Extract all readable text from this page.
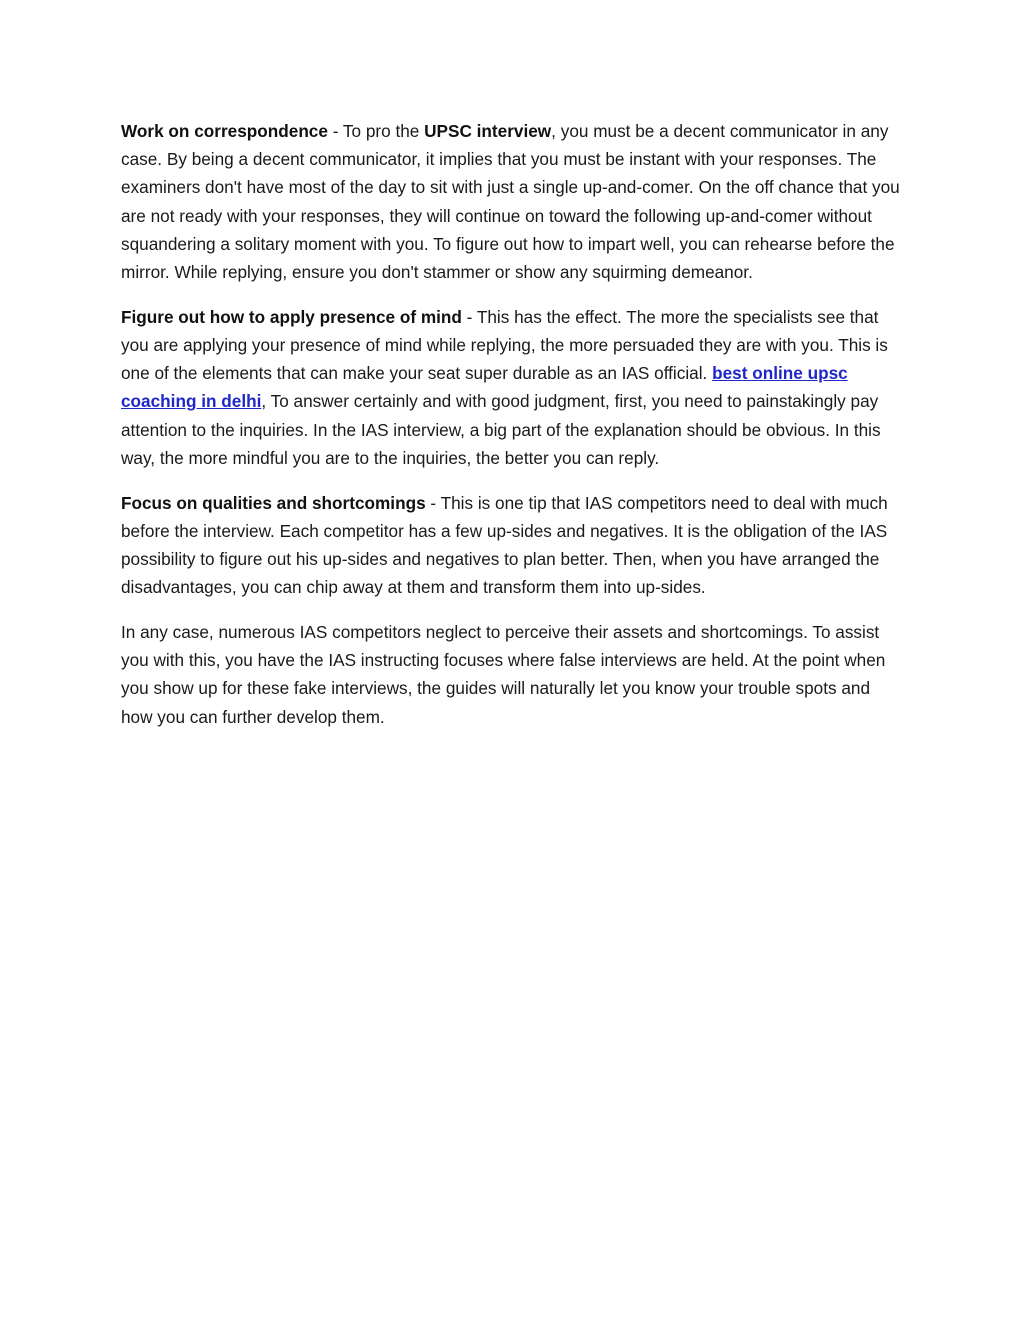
Work on correspondence - To pro the UPSC interview, you must be a decent communicator in any case. By being a decent communicator, it implies that you must be instant with your responses. The examiners don't have most of the day to sit with just a single up-and-comer. On the off chance that you are not ready with your responses, they will continue on toward the following up-and-comer without squandering a solitary moment with you. To figure out how to impart well, you can rehearse before the mirror. While replying, ensure you don't stammer or show any squirming demeanor.

Figure out how to apply presence of mind - This has the effect. The more the specialists see that you are applying your presence of mind while replying, the more persuaded they are with you. This is one of the elements that can make your seat super durable as an IAS official. best online upsc coaching in delhi, To answer certainly and with good judgment, first, you need to painstakingly pay attention to the inquiries. In the IAS interview, a big part of the explanation should be obvious. In this way, the more mindful you are to the inquiries, the better you can reply.

Focus on qualities and shortcomings - This is one tip that IAS competitors need to deal with much before the interview. Each competitor has a few up-sides and negatives. It is the obligation of the IAS possibility to figure out his up-sides and negatives to plan better. Then, when you have arranged the disadvantages, you can chip away at them and transform them into up-sides.

In any case, numerous IAS competitors neglect to perceive their assets and shortcomings. To assist you with this, you have the IAS instructing focuses where false interviews are held. At the point when you show up for these fake interviews, the guides will naturally let you know your trouble spots and how you can further develop them.
